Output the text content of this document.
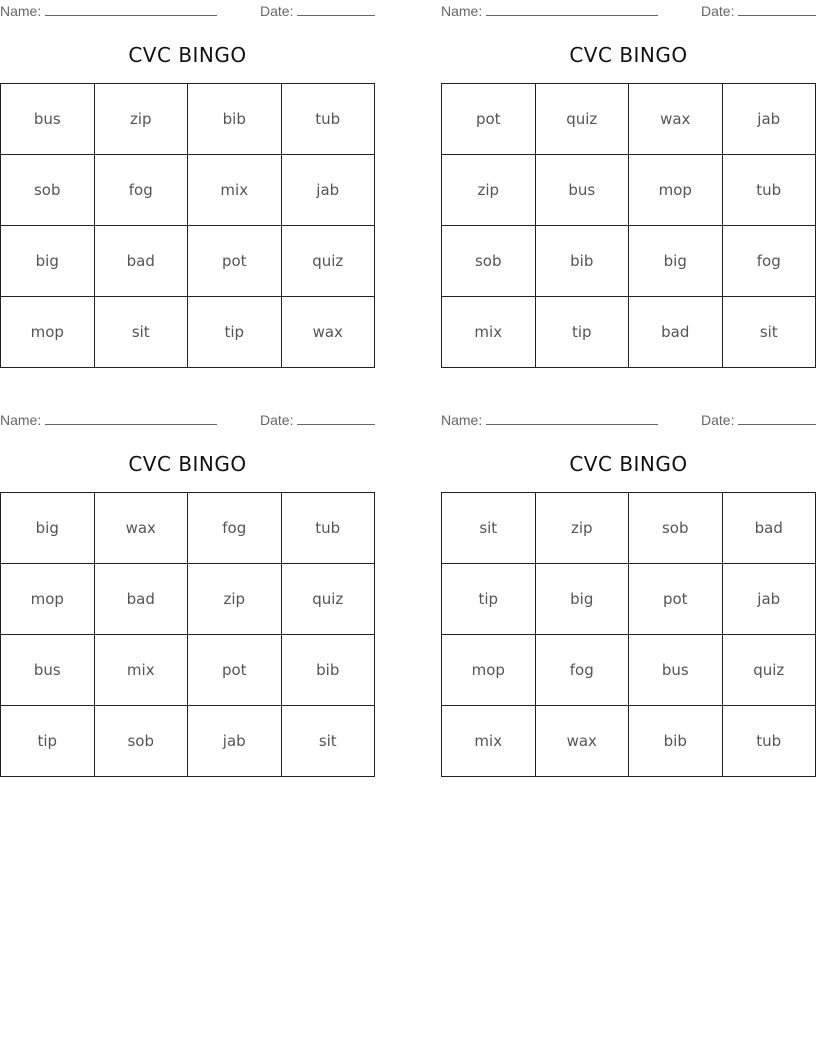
Name:	Date:
CVC BINGO
bus	zip	bib	tub
sob	fog	mix	jab
big	bad	pot	quiz
mop	sit	tip	wax
Name:	Date:
CVC BINGO
pot	quiz	wax	jab
zip	bus	mop	tub
sob	bib	big	fog
mix	tip	bad	sit
Name:	Date:
CVC BINGO
big	wax	fog	tub
mop	bad	zip	quiz
bus	mix	pot	bib
tip	sob	jab	sit
Name:	Date:
CVC BINGO
sit	zip	sob	bad
tip	big	pot	jab
mop	fog	bus	quiz
mix	wax	bib	tub
